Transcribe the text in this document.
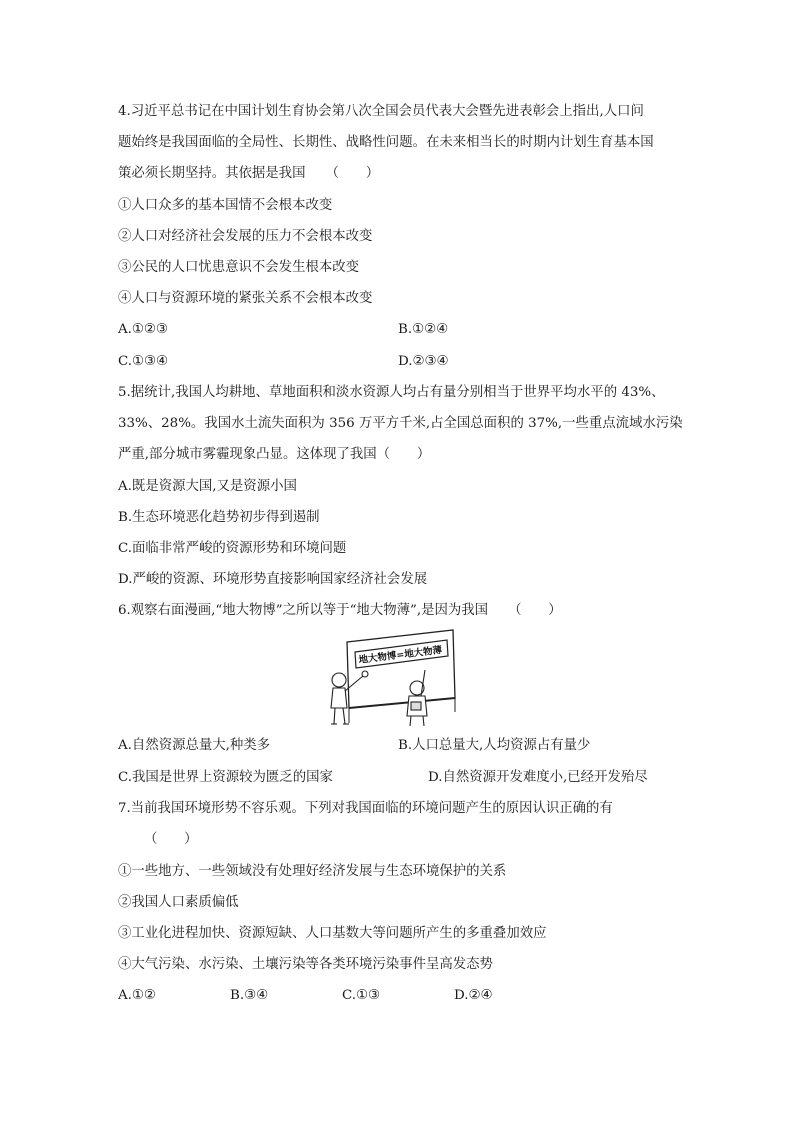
4.习近平总书记在中国计划生育协会第八次全国会员代表大会暨先进表彰会上指出,人口问
题始终是我国面临的全局性、长期性、战略性问题。在未来相当长的时期内计划生育基本国
策必须长期坚持。其依据是我国　　（　　）
①人口众多的基本国情不会根本改变
②人口对经济社会发展的压力不会根本改变
③公民的人口忧患意识不会发生根本改变
④人口与资源环境的紧张关系不会根本改变
A.①②③	B.①②④
C.①③④	D.②③④
5.据统计,我国人均耕地、草地面积和淡水资源人均占有量分别相当于世界平均水平的 43%、
33%、28%。我国水土流失面积为 356 万平方千米,占全国总面积的 37%,一些重点流域水污染
严重,部分城市雾霾现象凸显。这体现了我国（　　）
A.既是资源大国,又是资源小国
B.生态环境恶化趋势初步得到遏制
C.面临非常严峻的资源形势和环境问题
D.严峻的资源、环境形势直接影响国家经济社会发展
6.观察右面漫画,“地大物博”之所以等于“地大物薄”,是因为我国　　（　　）
地大物博=地大物薄
A.自然资源总量大,种类多	B.人口总量大,人均资源占有量少
C.我国是世界上资源较为匮乏的国家	D.自然资源开发难度小,已经开发殆尽
7.当前我国环境形势不容乐观。下列对我国面临的环境问题产生的原因认识正确的有
（　　）
①一些地方、一些领域没有处理好经济发展与生态环境保护的关系
②我国人口素质偏低
③工业化进程加快、资源短缺、人口基数大等问题所产生的多重叠加效应
④大气污染、水污染、土壤污染等各类环境污染事件呈高发态势
A.①②	B.③④	C.①③	D.②④
